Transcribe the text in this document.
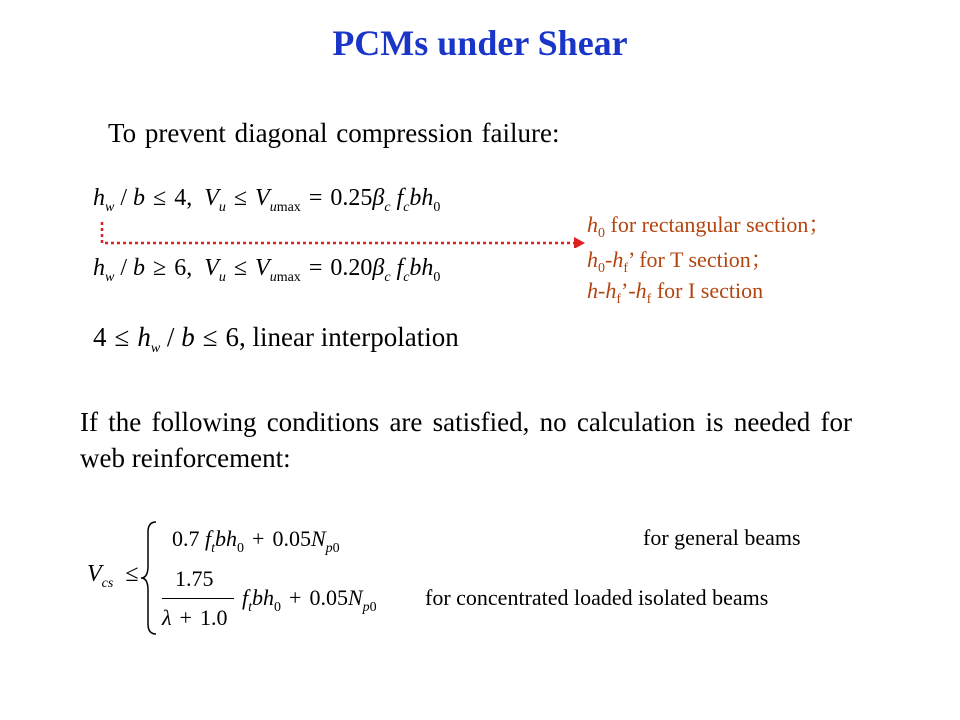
PCMs under Shear
To prevent diagonal compression failure:
$h_w / b \le 4$, $V_u \le V_{umax} = 0.25\beta_c$ $f_cbh_0$
$h_w / b \ge 6$, $V_u \le V_{umax} = 0.20\beta_c$ $f_cbh_0$
$4 \le h_w / b \le 6$, linear interpolation
$h_0$ for rectangular section；
$h_0-h_f$’ for T section；
$h-h_f’-h_f$ for I section
If the following conditions are satisfied, no calculation is needed for web reinforcement:
$V_{cs}$  ≤
0.7 $f_tbh_0 + 0.05N_{p0}$	for general beams
1.75
λ + 1.0
$f_tbh_0 + 0.05N_{p0}$ for concentrated loaded isolated beams
